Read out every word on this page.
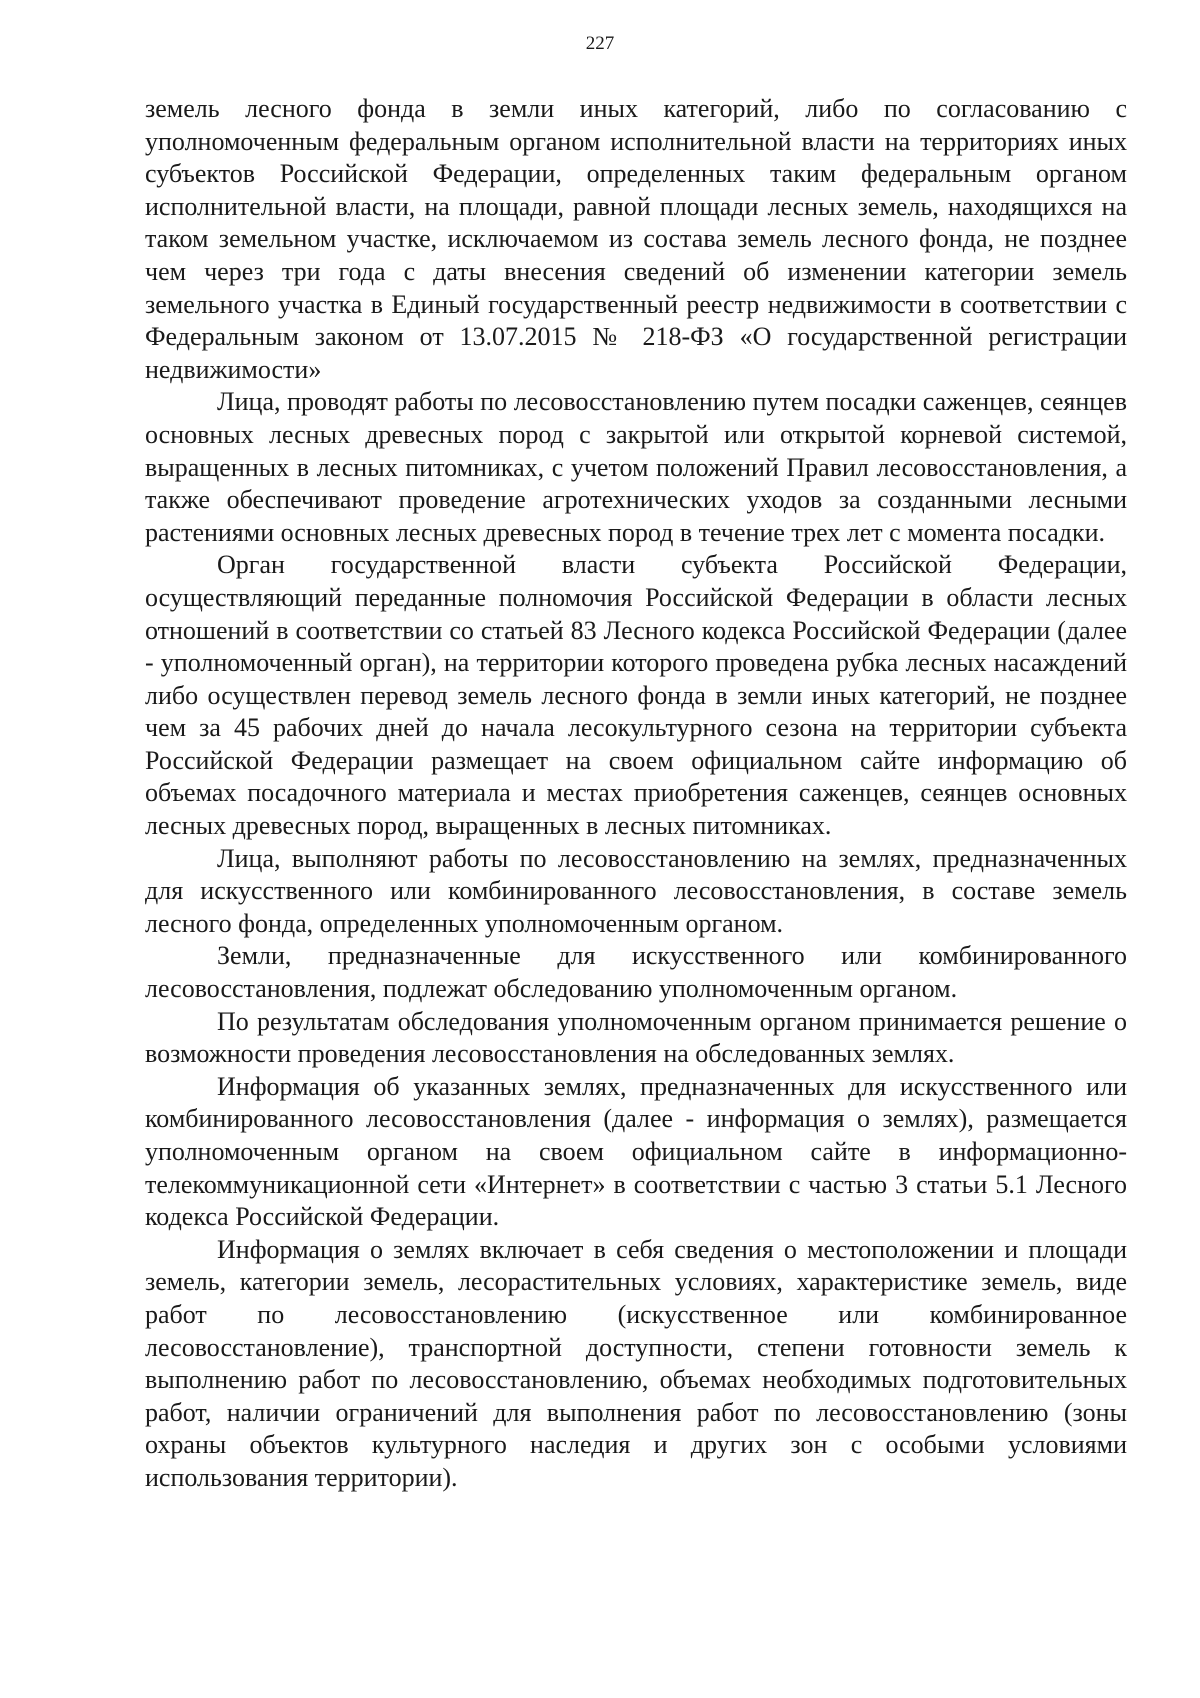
227

земель лесного фонда в земли иных категорий, либо по согласованию с уполномоченным федеральным органом исполнительной власти на территориях иных субъектов Российской Федерации, определенных таким федеральным органом исполнительной власти, на площади, равной площади лесных земель, находящихся на таком земельном участке, исключаемом из состава земель лесного фонда, не позднее чем через три года с даты внесения сведений об изменении категории земель земельного участка в Единый государственный реестр недвижимости в соответствии с Федеральным законом от 13.07.2015 № 218-ФЗ «О государственной регистрации недвижимости»

Лица, проводят работы по лесовосстановлению путем посадки саженцев, сеянцев основных лесных древесных пород с закрытой или открытой корневой системой, выращенных в лесных питомниках, с учетом положений Правил лесовосстановления, а также обеспечивают проведение агротехнических уходов за созданными лесными растениями основных лесных древесных пород в течение трех лет с момента посадки.

Орган государственной власти субъекта Российской Федерации, осуществляющий переданные полномочия Российской Федерации в области лесных отношений в соответствии со статьей 83 Лесного кодекса Российской Федерации (далее - уполномоченный орган), на территории которого проведена рубка лесных насаждений либо осуществлен перевод земель лесного фонда в земли иных категорий, не позднее чем за 45 рабочих дней до начала лесокультурного сезона на территории субъекта Российской Федерации размещает на своем официальном сайте информацию об объемах посадочного материала и местах приобретения саженцев, сеянцев основных лесных древесных пород, выращенных в лесных питомниках.

Лица, выполняют работы по лесовосстановлению на землях, предназначенных для искусственного или комбинированного лесовосстановления, в составе земель лесного фонда, определенных уполномоченным органом.

Земли, предназначенные для искусственного или комбинированного лесовосстановления, подлежат обследованию уполномоченным органом.

По результатам обследования уполномоченным органом принимается решение о возможности проведения лесовосстановления на обследованных землях.

Информация об указанных землях, предназначенных для искусственного или комбинированного лесовосстановления (далее - информация о землях), размещается уполномоченным органом на своем официальном сайте в информационно-телекоммуникационной сети «Интернет» в соответствии с частью 3 статьи 5.1 Лесного кодекса Российской Федерации.

Информация о землях включает в себя сведения о местоположении и площади земель, категории земель, лесорастительных условиях, характеристике земель, виде работ по лесовосстановлению (искусственное или комбинированное лесовосстановление), транспортной доступности, степени готовности земель к выполнению работ по лесовосстановлению, объемах необходимых подготовительных работ, наличии ограничений для выполнения работ по лесовосстановлению (зоны охраны объектов культурного наследия и других зон с особыми условиями использования территории).
